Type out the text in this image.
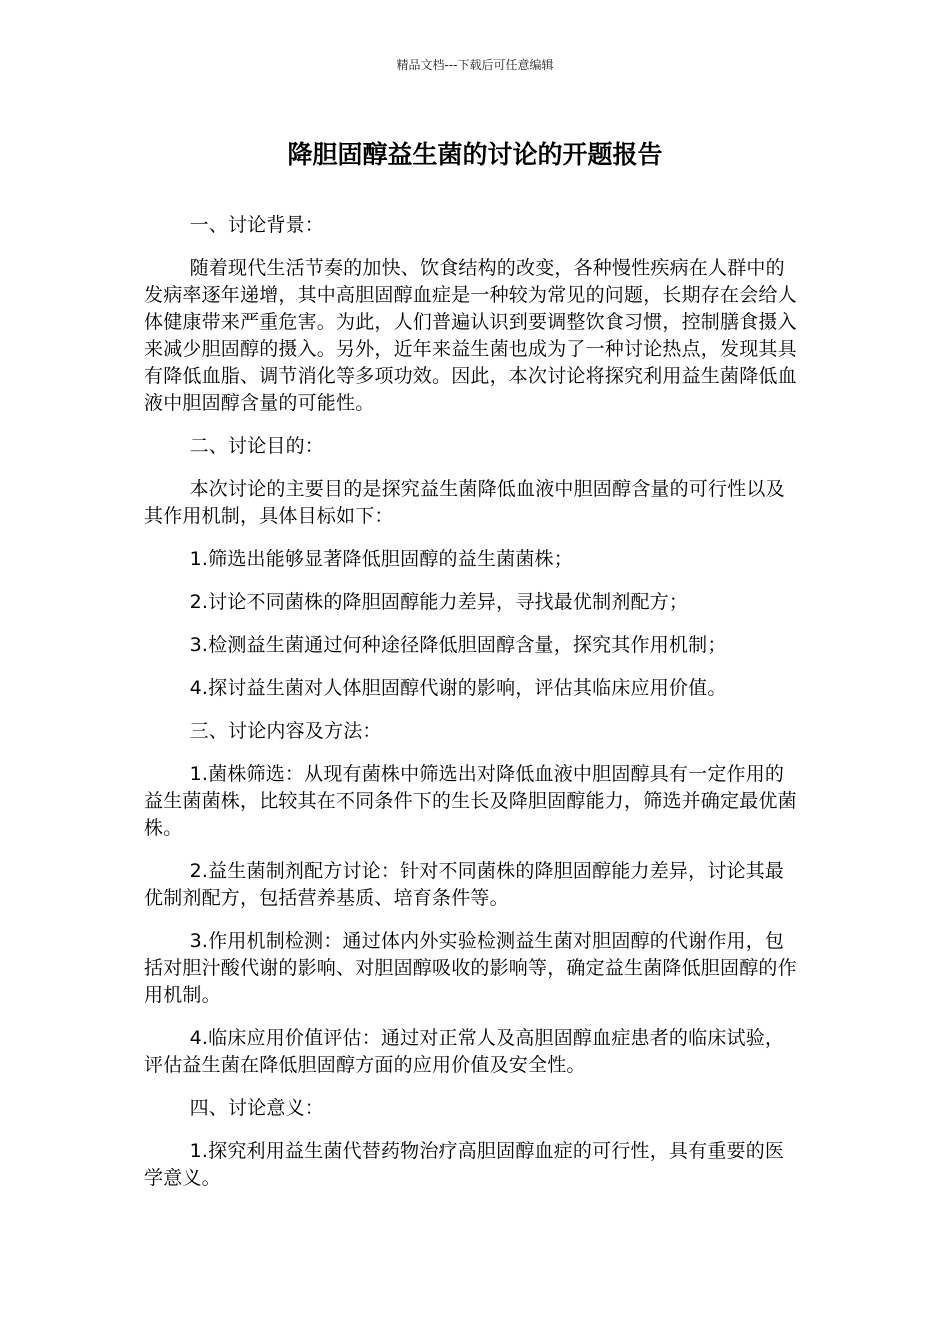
精品文档---下载后可任意编辑
降胆固醇益生菌的讨论的开题报告

一、讨论背景：

随着现代生活节奏的加快、饮食结构的改变，各种慢性疾病在人群中的发病率逐年递增，其中高胆固醇血症是一种较为常见的问题，长期存在会给人体健康带来严重危害。为此，人们普遍认识到要调整饮食习惯，控制膳食摄入来减少胆固醇的摄入。另外，近年来益生菌也成为了一种讨论热点，发现其具有降低血脂、调节消化等多项功效。因此，本次讨论将探究利用益生菌降低血液中胆固醇含量的可能性。

二、讨论目的：

本次讨论的主要目的是探究益生菌降低血液中胆固醇含量的可行性以及其作用机制，具体目标如下：

1.筛选出能够显著降低胆固醇的益生菌菌株；

2.讨论不同菌株的降胆固醇能力差异，寻找最优制剂配方；

3.检测益生菌通过何种途径降低胆固醇含量，探究其作用机制；

4.探讨益生菌对人体胆固醇代谢的影响，评估其临床应用价值。

三、讨论内容及方法：

1.菌株筛选：从现有菌株中筛选出对降低血液中胆固醇具有一定作用的益生菌菌株，比较其在不同条件下的生长及降胆固醇能力，筛选并确定最优菌株。

2.益生菌制剂配方讨论：针对不同菌株的降胆固醇能力差异，讨论其最优制剂配方，包括营养基质、培育条件等。

3.作用机制检测：通过体内外实验检测益生菌对胆固醇的代谢作用，包括对胆汁酸代谢的影响、对胆固醇吸收的影响等，确定益生菌降低胆固醇的作用机制。

4.临床应用价值评估：通过对正常人及高胆固醇血症患者的临床试验，评估益生菌在降低胆固醇方面的应用价值及安全性。

四、讨论意义：

1.探究利用益生菌代替药物治疗高胆固醇血症的可行性，具有重要的医学意义。
